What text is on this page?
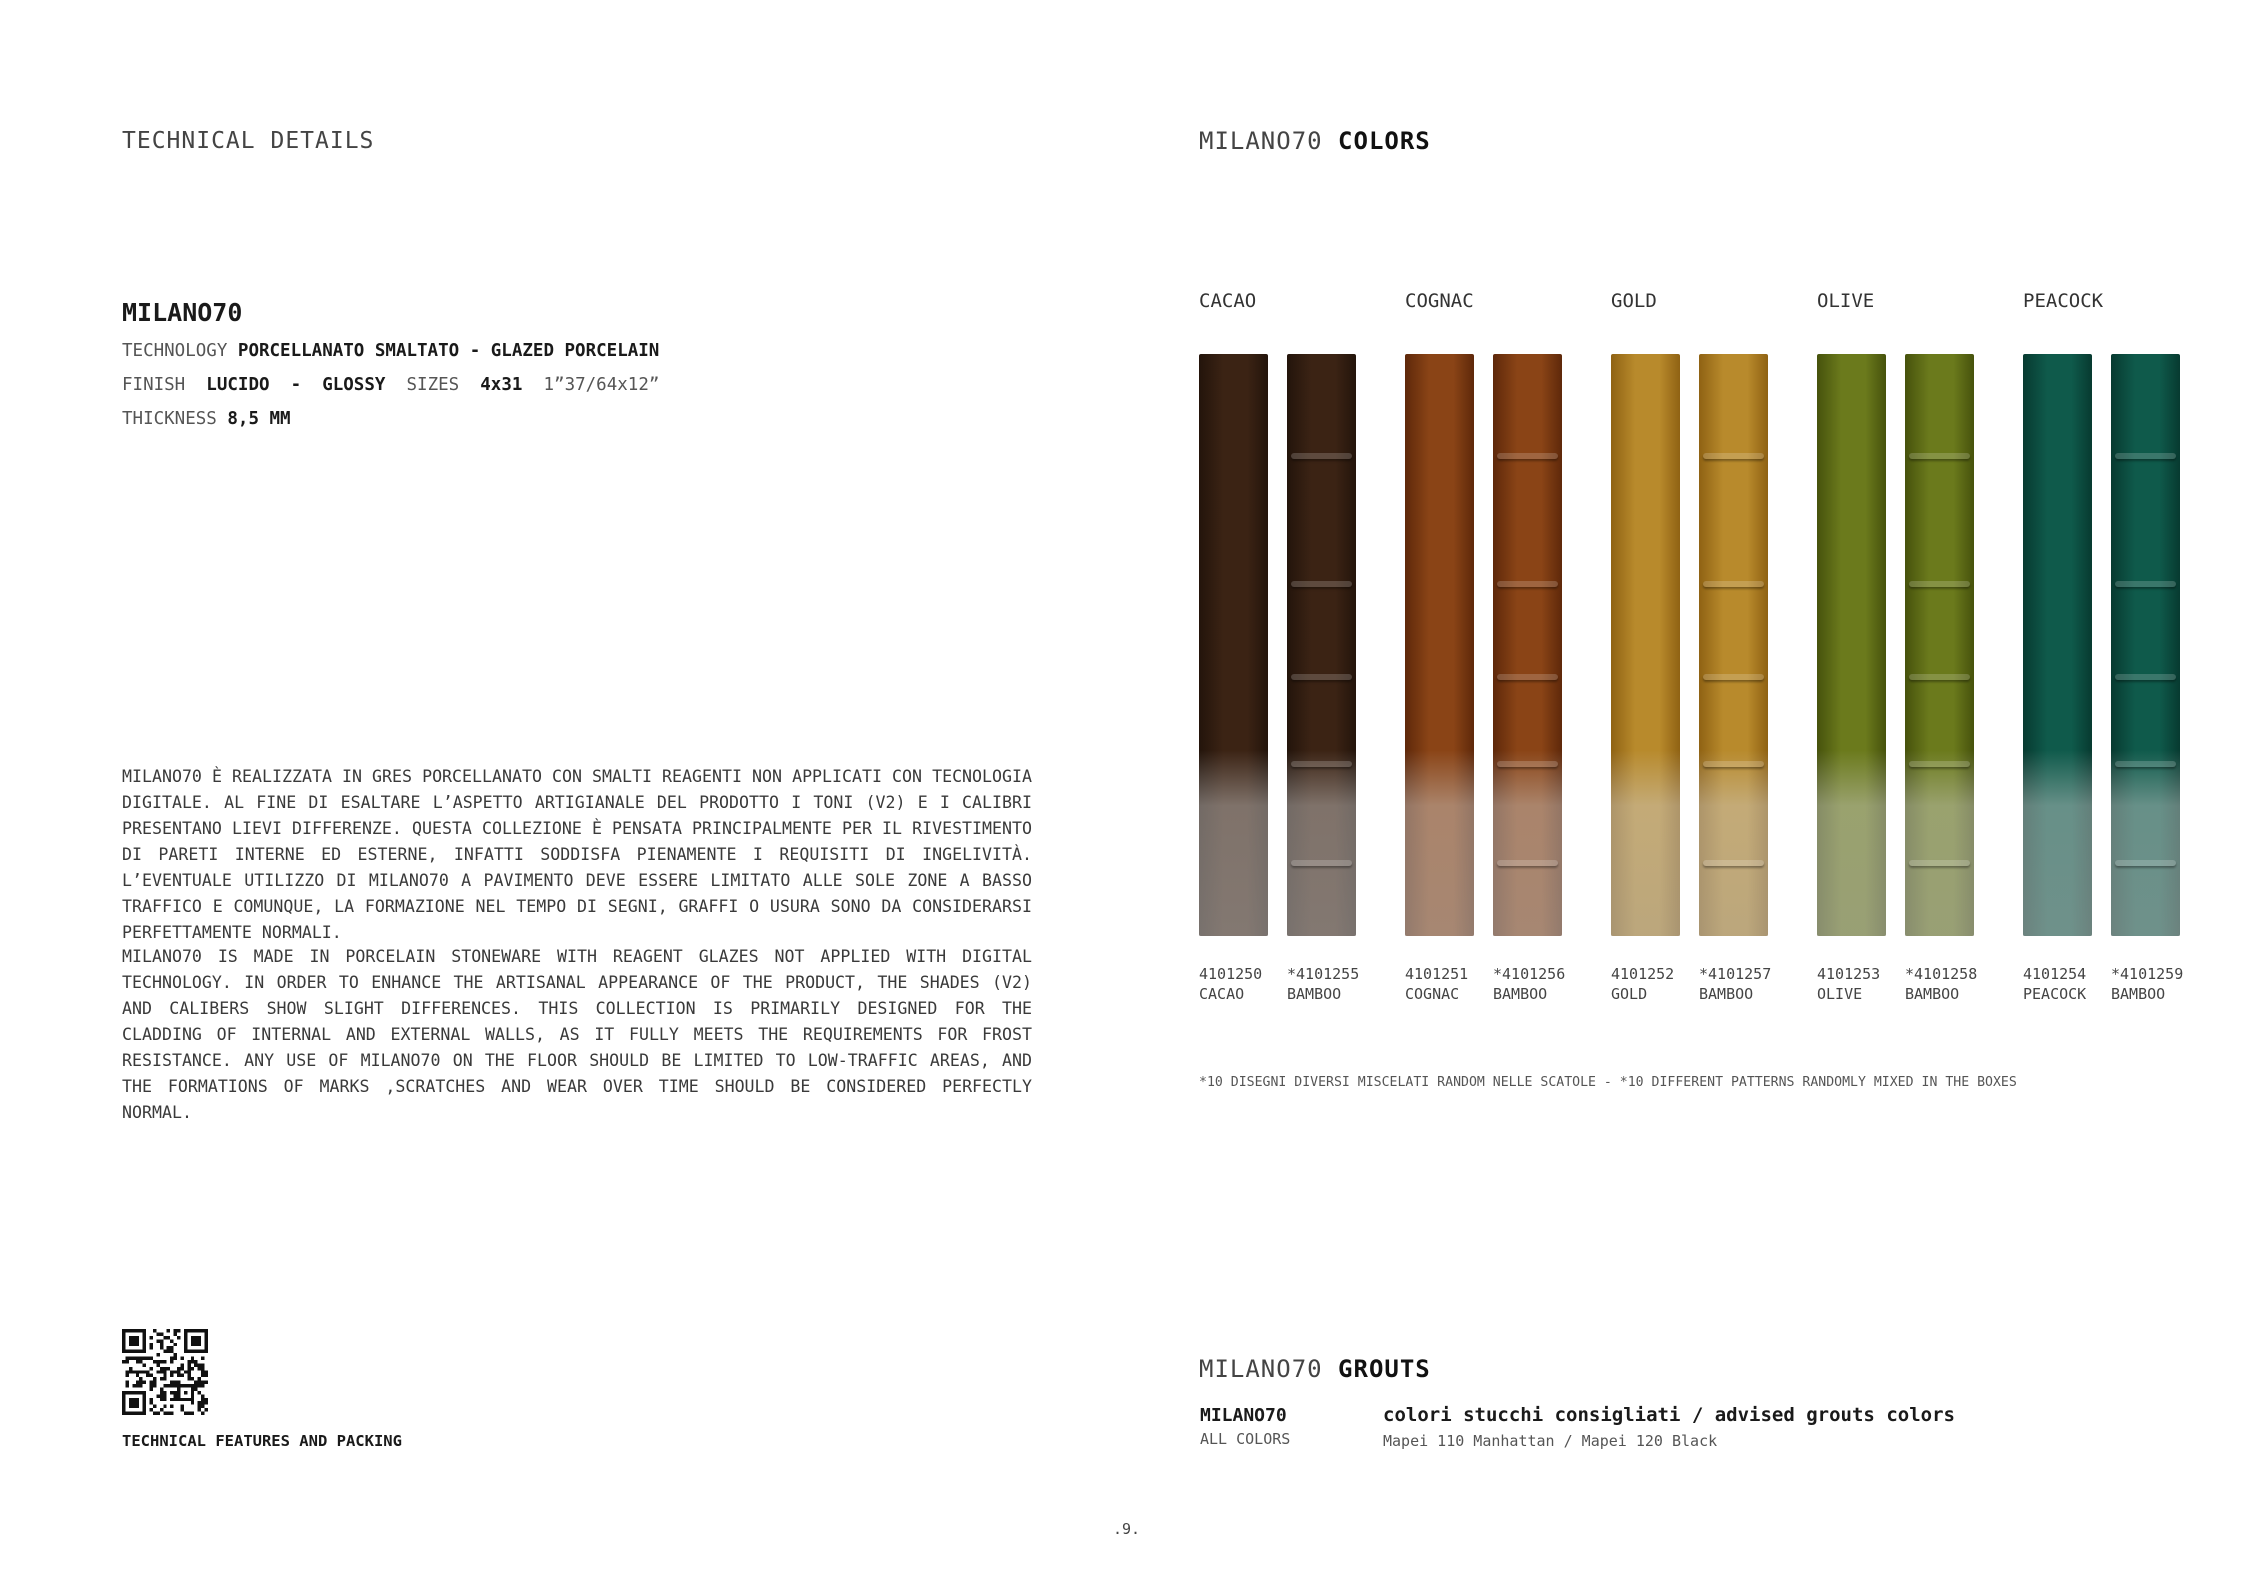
TECHNICAL DETAILS
MILANO70
TECHNOLOGY PORCELLANATO SMALTATO - GLAZED PORCELAIN
FINISH LUCIDO  -  GLOSSY SIZES 4x31 1”37/64x12”
THICKNESS 8,5 MM
MILANO70 È REALIZZATA IN GRES PORCELLANATO CON SMALTI REAGENTI NON APPLICATI CON TECNOLOGIA DIGITALE. AL FINE DI ESALTARE L’ASPETTO ARTIGIANALE DEL PRODOTTO I TONI (V2) E I CALIBRI PRESENTANO LIEVI DIFFERENZE. QUESTA COLLEZIONE È PENSATA PRINCIPALMENTE PER IL RIVESTIMENTO DI PARETI INTERNE ED ESTERNE, INFATTI SODDISFA PIENAMENTE I REQUISITI DI INGELIVITÀ. L’EVENTUALE UTILIZZO DI MILANO70 A PAVIMENTO DEVE ESSERE LIMITATO ALLE SOLE ZONE A BASSO TRAFFICO E COMUNQUE, LA FORMAZIONE NEL TEMPO DI SEGNI, GRAFFI O USURA SONO DA CONSIDERARSI PERFETTAMENTE NORMALI.
MILANO70 IS MADE IN PORCELAIN STONEWARE WITH REAGENT GLAZES NOT APPLIED WITH DIGITAL TECHNOLOGY. IN ORDER TO ENHANCE THE ARTISANAL APPEARANCE OF THE PRODUCT, THE SHADES (V2) AND CALIBERS SHOW SLIGHT DIFFERENCES. THIS COLLECTION IS PRIMARILY DESIGNED FOR THE CLADDING OF INTERNAL AND EXTERNAL WALLS, AS IT FULLY MEETS THE REQUIREMENTS FOR FROST RESISTANCE. ANY USE OF MILANO70 ON THE FLOOR SHOULD BE LIMITED TO LOW-TRAFFIC AREAS, AND THE FORMATIONS OF MARKS ,SCRATCHES AND WEAR OVER TIME SHOULD BE CONSIDERED PERFECTLY NORMAL.
TECHNICAL FEATURES AND PACKING
.9.
MILANO70 COLORS
CACAO
4101250
CACAO
*4101255
BAMBOO
COGNAC
4101251
COGNAC
*4101256
BAMBOO
GOLD
4101252
GOLD
*4101257
BAMBOO
OLIVE
4101253
OLIVE
*4101258
BAMBOO
PEACOCK
4101254
PEACOCK
*4101259
BAMBOO
*10 DISEGNI DIVERSI MISCELATI RANDOM NELLE SCATOLE - *10 DIFFERENT PATTERNS RANDOMLY MIXED IN THE BOXES
MILANO70 GROUTS
MILANO70
ALL COLORS
colori stucchi consigliati / advised grouts colors
Mapei 110 Manhattan / Mapei 120 Black
